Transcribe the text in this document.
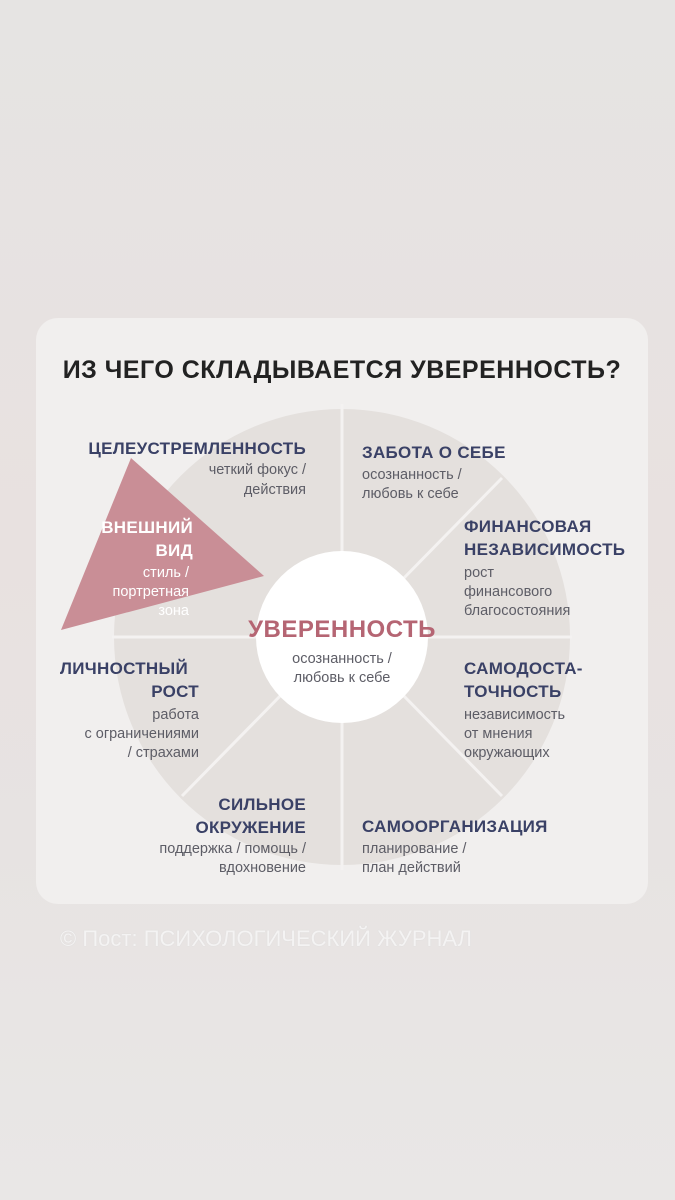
ИЗ ЧЕГО СКЛАДЫВАЕТСЯ УВЕРЕННОСТЬ?
ЦЕЛЕУСТРЕМЛЕННОСТЬ
четкий фокус /
действия
ЗАБОТА О СЕБЕ
осознанность /
любовь к себе
ФИНАНСОВАЯ
НЕЗАВИСИМОСТЬ
рост
финансового
благосостояния
САМОДОСТА-
ТОЧНОСТЬ
независимость
от мнения
окружающих
САМООРГАНИЗАЦИЯ
планирование /
план действий
СИЛЬНОЕ
ОКРУЖЕНИЕ
поддержка / помощь /
вдохновение
ЛИЧНОСТНЫЙ
РОСТ
работа
с ограничениями
/ страхами
ВНЕШНИЙ
ВИД
стиль /
портретная
зона
УВЕРЕННОСТЬ
осознанность /
любовь к себе
© Пост: ПСИХОЛОГИЧЕСКИЙ ЖУРНАЛ
